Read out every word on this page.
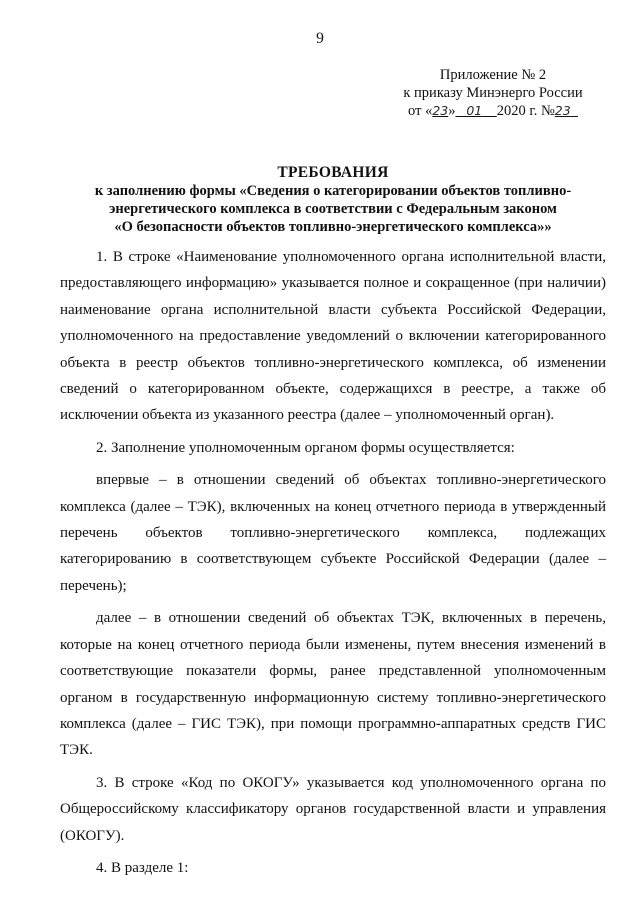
9
Приложение № 2
к приказу Минэнерго России
от «23» 01    2020 г. №23
ТРЕБОВАНИЯ
к заполнению формы «Сведения о категорировании объектов топливно-
энергетического комплекса в соответствии с Федеральным законом
«О безопасности объектов топливно-энергетического комплекса»»

1. В строке «Наименование уполномоченного органа исполнительной власти, предоставляющего информацию» указывается полное и сокращенное (при наличии) наименование органа исполнительной власти субъекта Российской Федерации, уполномоченного на предоставление уведомлений о включении категорированного объекта в реестр объектов топливно-энергетического комплекса, об изменении сведений о категорированном объекте, содержащихся в реестре, а также об исключении объекта из указанного реестра (далее – уполномоченный орган).

2. Заполнение уполномоченным органом формы осуществляется:

впервые – в отношении сведений об объектах топливно-энергетического комплекса (далее – ТЭК), включенных на конец отчетного периода в утвержденный перечень объектов топливно-энергетического комплекса, подлежащих категорированию в соответствующем субъекте Российской Федерации (далее – перечень);

далее – в отношении сведений об объектах ТЭК, включенных в перечень, которые на конец отчетного периода были изменены, путем внесения изменений в соответствующие показатели формы, ранее представленной уполномоченным органом в государственную информационную систему топливно-энергетического комплекса (далее – ГИС ТЭК), при помощи программно-аппаратных средств ГИС ТЭК.

3. В строке «Код по ОКОГУ» указывается код уполномоченного органа по Общероссийскому классификатору органов государственной власти и управления (ОКОГУ).

4. В разделе 1:
